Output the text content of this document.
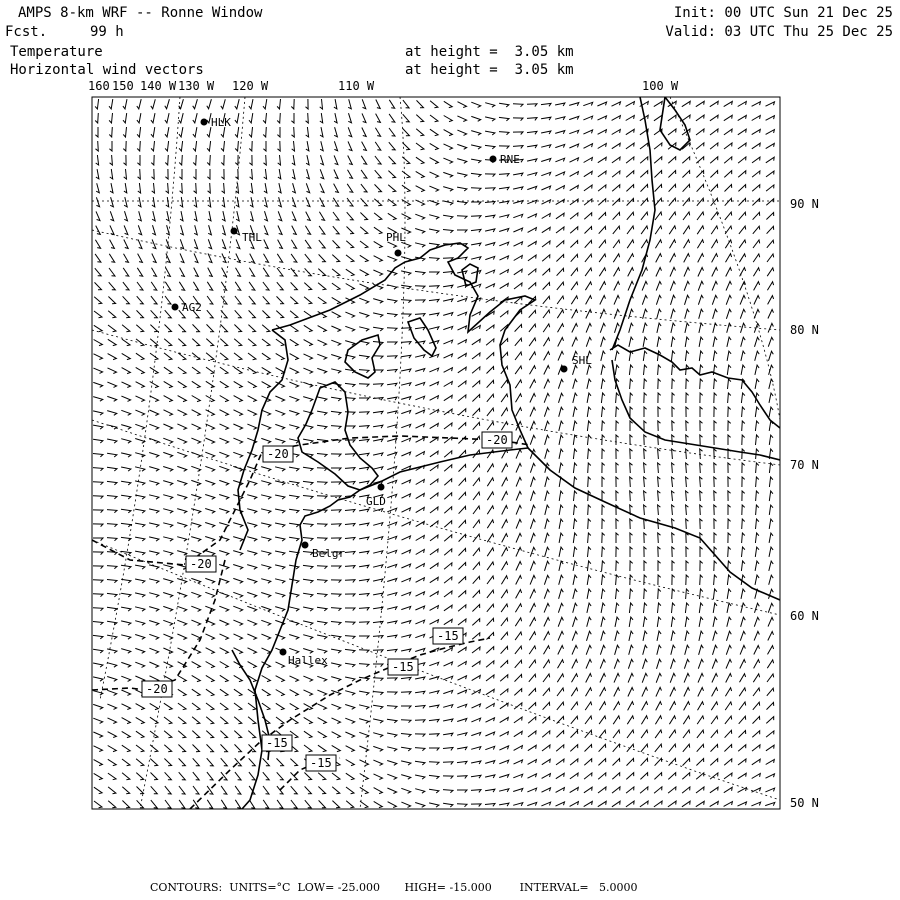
AMPS 8-km WRF -- Ronne Window
Fcst.	99 h
Temperature
Horizontal wind vectors
at height =  3.05 km
at height =  3.05 km
Init: 00 UTC Sun 21 Dec 25
Valid: 03 UTC Thu 25 Dec 25
160 150 140 W 130 W 120 W	110 W	100 W
90 N
80 N
70 N
60 N
50 N
-20
-20
-20
-20
-15
-15
-15
-15
HLK
RNE
THL	PHL
AG2
SHL
GLD
Belgr
Hallex
CONTOURS:  UNITS=°C  LOW= -25.000       HIGH= -15.000        INTERVAL=   5.0000
